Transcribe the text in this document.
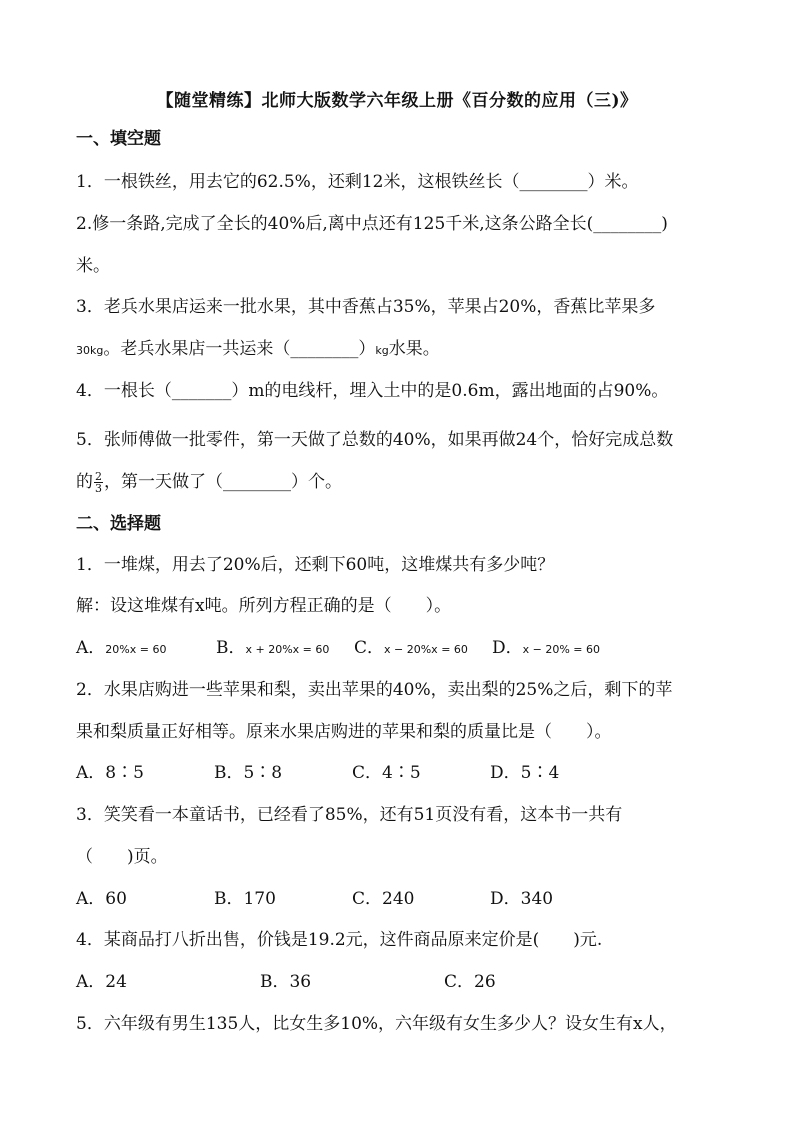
【随堂精练】北师大版数学六年级上册《百分数的应用（三)》
一、填空题
1．一根铁丝，用去它的62.5%，还剩12米，这根铁丝长（________）米。
2.修一条路,完成了全长的40%后,离中点还有125千米,这条公路全长(________)
米。
3．老兵水果店运来一批水果，其中香蕉占35%，苹果占20%，香蕉比苹果多
30kg。老兵水果店一共运来（________）kg水果。
4．一根长（_______）m的电线杆，埋入土中的是0.6m，露出地面的占90%。
5．张师傅做一批零件，第一天做了总数的40%，如果再做24个，恰好完成总数
的 $\frac{2}{3}$ ，第一天做了（________）个。
二、选择题
1．一堆煤，用去了20%后，还剩下60吨，这堆煤共有多少吨？
解：设这堆煤有x吨。所列方程正确的是（　　）。
A．20%x = 60	B．x + 20%x = 60 C．x − 20%x = 60 D．x − 20% = 60
2．水果店购进一些苹果和梨，卖出苹果的40%，卖出梨的25%之后，剩下的苹
果和梨质量正好相等。原来水果店购进的苹果和梨的质量比是（　　）。
A．8∶5	B．5∶8	C．4∶5	D．5∶4
3．笑笑看一本童话书，已经看了85%，还有51页没有看，这本书一共有
（　　)页。
A．60	B．170	C．240	D．340
4．某商品打八折出售，价钱是19.2元，这件商品原来定价是(　　)元.
A．24	B．36	C．26
5．六年级有男生135人，比女生多10%，六年级有女生多少人？设女生有x人，
